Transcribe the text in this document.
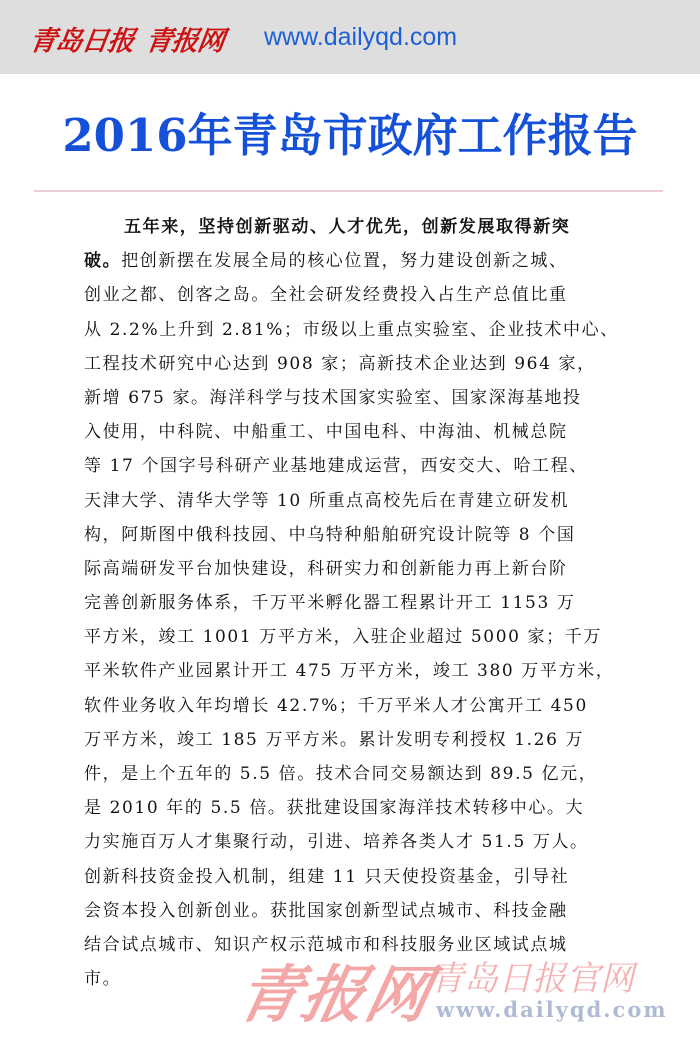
青岛日报 青报网 www.dailyqd.com
2016年青岛市政府工作报告
五年来，坚持创新驱动、人才优先，创新发展取得新突
破。把创新摆在发展全局的核心位置，努力建设创新之城、
创业之都、创客之岛。全社会研发经费投入占生产总值比重
从 2.2%上升到 2.81%；市级以上重点实验室、企业技术中心、
工程技术研究中心达到 908 家；高新技术企业达到 964 家，
新增 675 家。海洋科学与技术国家实验室、国家深海基地投
入使用，中科院、中船重工、中国电科、中海油、机械总院
等 17 个国字号科研产业基地建成运营，西安交大、哈工程、
天津大学、清华大学等 10 所重点高校先后在青建立研发机
构，阿斯图中俄科技园、中乌特种船舶研究设计院等 8 个国
际高端研发平台加快建设，科研实力和创新能力再上新台阶
完善创新服务体系，千万平米孵化器工程累计开工 1153 万
平方米，竣工 1001 万平方米，入驻企业超过 5000 家；千万
平米软件产业园累计开工 475 万平方米，竣工 380 万平方米，
软件业务收入年均增长 42.7%；千万平米人才公寓开工 450
万平方米，竣工 185 万平方米。累计发明专利授权 1.26 万
件，是上个五年的 5.5 倍。技术合同交易额达到 89.5 亿元，
是 2010 年的 5.5 倍。获批建设国家海洋技术转移中心。大
力实施百万人才集聚行动，引进、培养各类人才 51.5 万人。
创新科技资金投入机制，组建 11 只天使投资基金，引导社
会资本投入创新创业。获批国家创新型试点城市、科技金融
结合试点城市、知识产权示范城市和科技服务业区域试点城
市。	青报网
青岛日报官网
www.dailyqd.com
